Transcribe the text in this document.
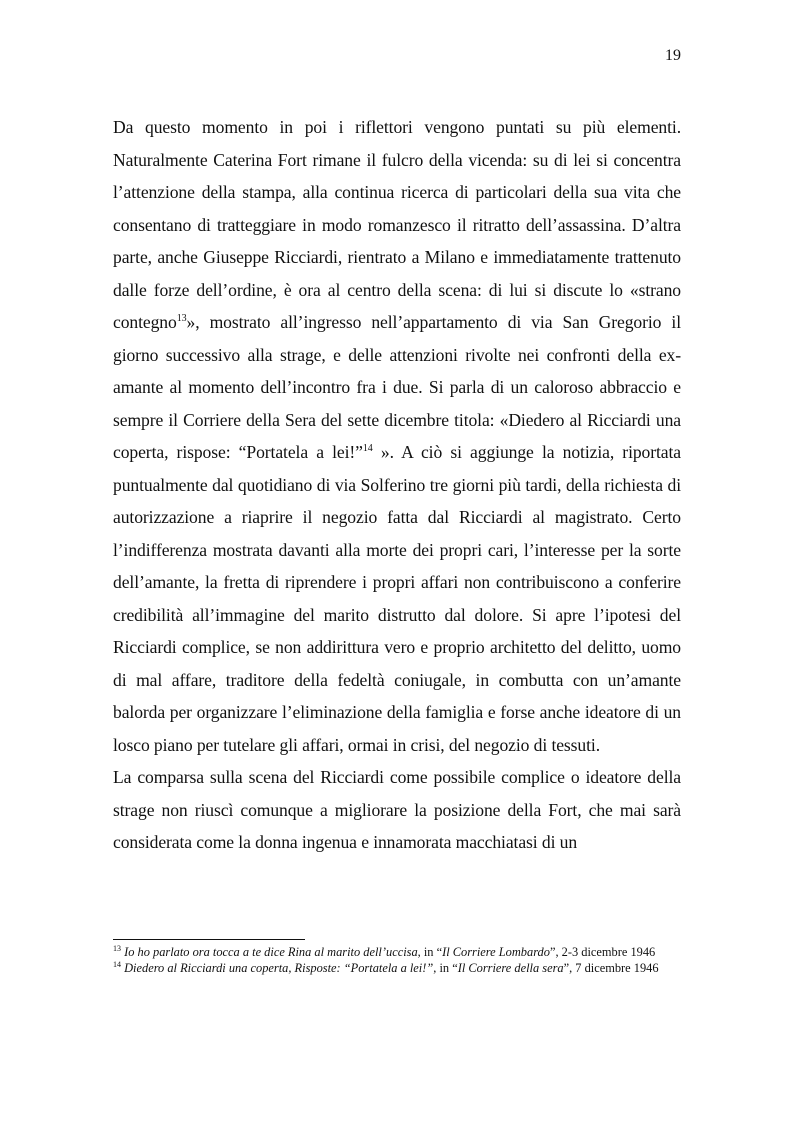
19

Da questo momento in poi i riflettori vengono puntati su più elementi. Naturalmente Caterina Fort rimane il fulcro della vicenda: su di lei si concentra l’attenzione della stampa, alla continua ricerca di particolari della sua vita che consentano di tratteggiare in modo romanzesco il ritratto dell’assassina. D’altra parte, anche Giuseppe Ricciardi, rientrato a Milano e immediatamente trattenuto dalle forze dell’ordine, è ora al centro della scena: di lui si discute lo «strano contegno$^{13}$», mostrato all’ingresso nell’appartamento di via San Gregorio il giorno successivo alla strage, e delle attenzioni rivolte nei confronti della ex-amante al momento dell’incontro fra i due. Si parla di un caloroso abbraccio e sempre il Corriere della Sera del sette dicembre titola: «Diedero al Ricciardi una coperta, rispose: “Portatela a lei!”$^{14}$ ». A ciò si aggiunge la notizia, riportata puntualmente dal quotidiano di via Solferino tre giorni più tardi, della richiesta di autorizzazione a riaprire il negozio fatta dal Ricciardi al magistrato. Certo l’indifferenza mostrata davanti alla morte dei propri cari, l’interesse per la sorte dell’amante, la fretta di riprendere i propri affari non contribuiscono a conferire credibilità all’immagine del marito distrutto dal dolore. Si apre l’ipotesi del Ricciardi complice, se non addirittura vero e proprio architetto del delitto, uomo di mal affare, traditore della fedeltà coniugale, in combutta con un’amante balorda per organizzare l’eliminazione della famiglia e forse anche ideatore di un losco piano per tutelare gli affari, ormai in crisi, del negozio di tessuti.

La comparsa sulla scena del Ricciardi come possibile complice o ideatore della strage non riuscì comunque a migliorare la posizione della Fort, che mai sarà considerata come la donna ingenua e innamorata macchiatasi di un

$^{13}$ Io ho parlato ora tocca a te dice Rina al marito dell’uccisa, in “Il Corriere Lombardo”, 2-3 dicembre 1946

$^{14}$ Diedero al Ricciardi una coperta, Risposte: “Portatela a lei!”, in “Il Corriere della sera”, 7 dicembre 1946
